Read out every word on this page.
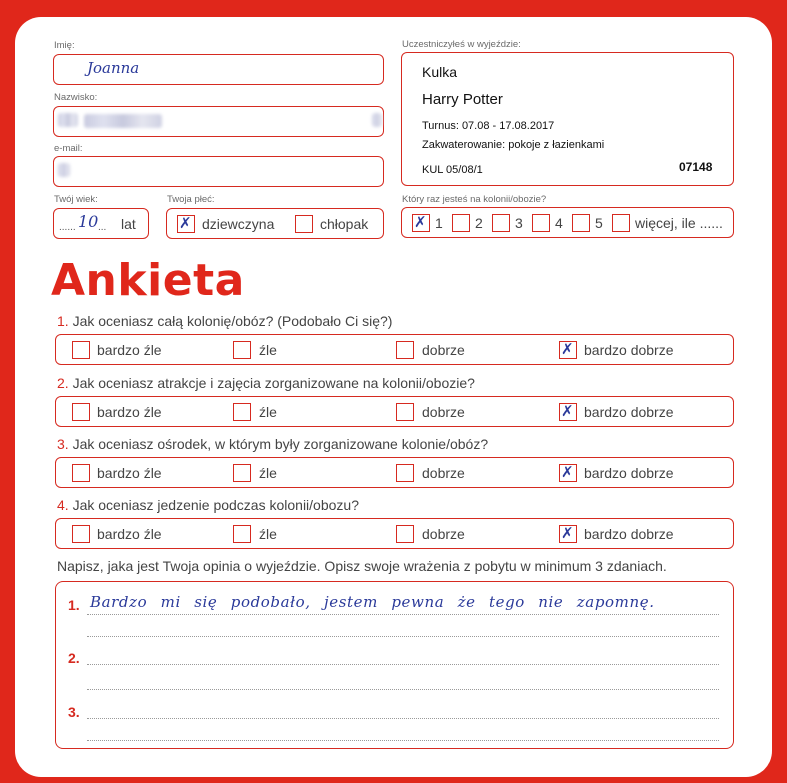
Imię:
Joanna
Nazwisko:
e-mail:
Twój wiek:
...... 10 ... lat
Twoja płeć:
✗ dziewczyna	chłopak
Uczestniczyłeś w wyjeździe:
Kulka
Harry Potter
Turnus: 07.08 - 17.08.2017
Zakwaterowanie: pokoje z łazienkami
KUL 05/08/1	07148
Który raz jesteś na kolonii/obozie?
✗ 1 2 3 4 5 więcej, ile ......
Ankieta
1. Jak oceniasz całą kolonię/obóz? (Podobało Ci się?)
bardzo źle	źle	dobrze	✗ bardzo dobrze
2. Jak oceniasz atrakcje i zajęcia zorganizowane na kolonii/obozie?
bardzo źle	źle	dobrze	✗ bardzo dobrze
3. Jak oceniasz ośrodek, w którym były zorganizowane kolonie/obóz?
bardzo źle	źle	dobrze	✗ bardzo dobrze
4. Jak oceniasz jedzenie podczas kolonii/obozu?
bardzo źle	źle	dobrze	✗ bardzo dobrze
Napisz, jaka jest Twoja opinia o wyjeździe. Opisz swoje wrażenia z pobytu w minimum 3 zdaniach.
1. Bardzo mi się podobało, jestem pewna że tego nie zapomnę.
2.
3.
